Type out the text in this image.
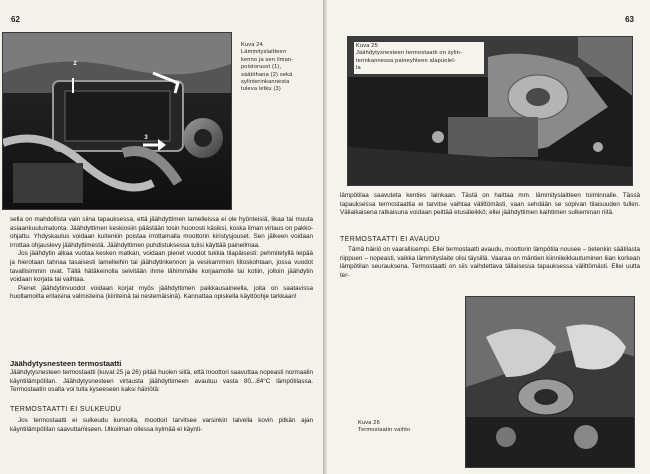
62
2
1
3
Kuva 24
Lämmityslaitteen
kenno ja sen ilman-
poistoruuvi (1),
säätöhana (2) sekä
sylinterinkannesta
tuleva letku (3)

sella on mahdollista vain siina tapauksessa, että jäähdyttimen lamelleissa ei ole hyönteisiä, likaa tai muuta asiaankuulumatonta. Jäähdyttimen keskiosiin päästään tosin huonosti käsiksi, koska ilman virtaus on pakko-ohjattu. Yhdyskaulus voidaan kuitenkin poistaa irrottamalla moottorin kiristysjouset. Sen jälkeen voidaan irrottaa ohjauslevy jäähdyttimestä. Jäähdyttimen puhdistuksessa tulisi käyttää paineilmaa.

Jos jäähdytin alkaa vuotaa kesken matkan, voidaan pienet vuodot tukkia tilapäisesti: pehmitetyllä leipää ja hierotaan tahnaa tasaisesti lamelleihin tai jäähdytinkennon ja vesikammion liitoskohtaan, jossa vuodot tavallisimmin ovat. Tällä hätäkeinolla selvitään ihme lähimmälle korjaamolle tai kotiin, jolloin jäähdytin voidaan korjata tai vaihtaa.

Pienet jäähdytinvuodot voidaan korjat myös jäähdyttimen paikkausaineella, joita on saatavissa huoltamoilta erilaisina valmisteina (kiinteinä tai nestemäisinä). Kannattaa opiskella käyttöohje tarkkaan!

Jäähdytysnesteen termostaatti

Jäähdytysnesteen termostaatti (kuvat 25 ja 26) pitää huolen siitä, että moottori saavuttaa nopeasti normaalin käyntilämpötilan. Jäähdytysnesteen virtausta jäähdyttimeen avautuu vasta 80...84°C lämpötilassa. Termostaatin osalta voi tulla kyseeseen kaksi häiriötä:

TERMOSTAATTI EI SULKEUDU

Jos termostaatti ei sulkeudu kunnolla, moottori tarvitsee varsinkin talvella kovin pitkän ajan käyntilämpötilan saavuttamiseen. Ulkoilman ollessa kylmää ei käynti-

63
Kuva 25
Jäähdytysnesteen termostaatti on sylin-
terinkannessa paineyhteen alapuolel-
la

lämpötilaa saavuteta kenties lainkaan. Tästä on haittaa mm. lämmityslaitteen toiminnalle. Tässä tapauksessa termostaattia ei tarvitse vaihtaa välittömästi, vaan sehdään se sopivan tilaisuuden tullen. Väliaikaisena ratkaisuna voidaan peittää etusäleikkö, ellei jäähdyttimen kaihtimen sulkeminan riitä.

TERMOSTAATTI EI AVAUDU

Tämä häiriö on vaarallisempi. Ellei termostaatti avaudu, moottorin lämpötila nousee – tietenkin säätilasta riippuen – nopeasti, vaikka lämmityslaite olisi täysillä. Vaaraa on mäntien kiinnileikkautuminen liian korkean lämpötilan seurauksena. Termostaatti on siis vaihdettava tällaisessa tapauksessa välittömästi. Ellei uutta ter-

Kuva 26
Termostaatin vaihto
